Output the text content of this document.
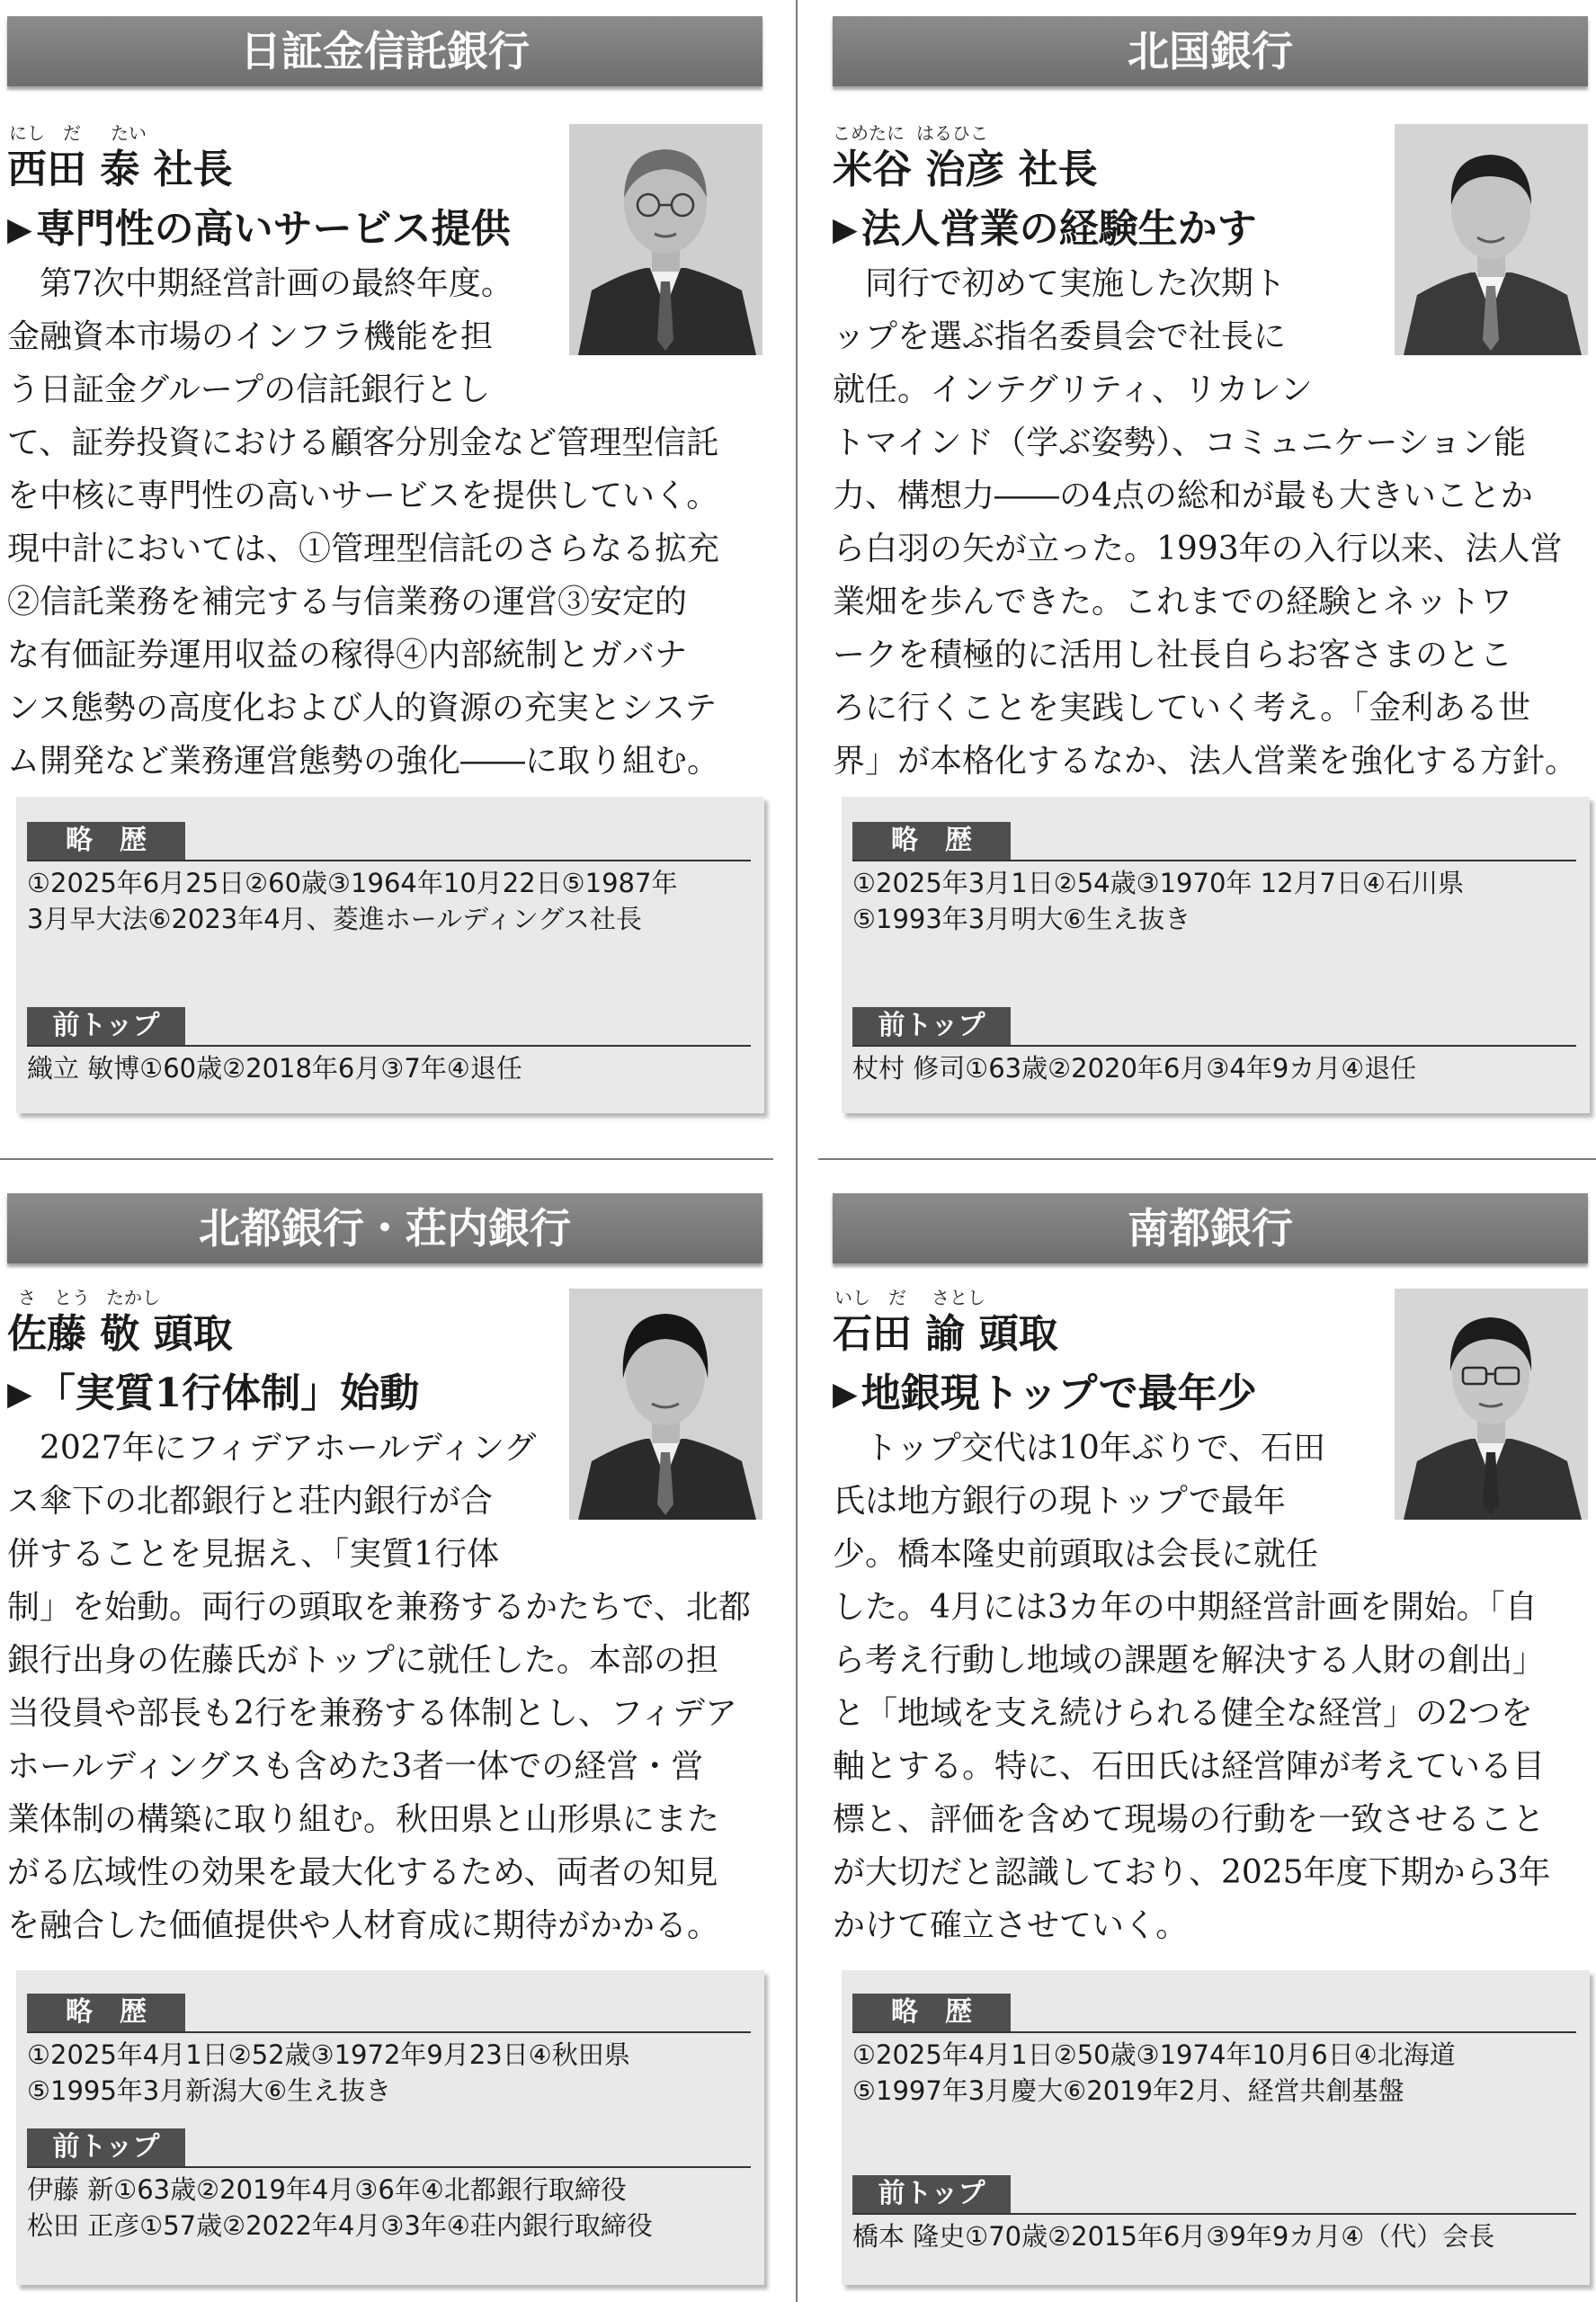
日証金信託銀行
にし だ たい
西田 泰 社長
▶専門性の高いサービス提供

　第7次中期経営計画の最終年度。

金融資本市場のインフラ機能を担

う日証金グループの信託銀行とし

て、証券投資における顧客分別金など管理型信託

を中核に専門性の高いサービスを提供していく。

現中計においては、①管理型信託のさらなる拡充

②信託業務を補完する与信業務の運営③安定的

な有価証券運用収益の稼得④内部統制とガバナ

ンス態勢の高度化および人的資源の充実とシステ

ム開発など業務運営態勢の強化――に取り組む。

略　歴

①2025年6月25日②60歳③1964年10月22日⑤1987年

3月早大法⑥2023年4月、菱進ホールディングス社長

前トップ

織立 敏博①60歳②2018年6月③7年④退任

北国銀行
こめたに はるひこ
米谷 治彦 社長
▶法人営業の経験生かす

　同行で初めて実施した次期ト

ップを選ぶ指名委員会で社長に

就任。インテグリティ、リカレン

トマインド（学ぶ姿勢）、コミュニケーション能

力、構想力――の4点の総和が最も大きいことか

ら白羽の矢が立った。1993年の入行以来、法人営

業畑を歩んできた。これまでの経験とネットワ

ークを積極的に活用し社長自らお客さまのとこ

ろに行くことを実践していく考え。「金利ある世

界」が本格化するなか、法人営業を強化する方針。

略　歴

①2025年3月1日②54歳③1970年 12月7日④石川県

⑤1993年3月明大⑥生え抜き

前トップ

杖村 修司①63歳②2020年6月③4年9カ月④退任

北都銀行・荘内銀行
さ とう たかし
佐藤 敬 頭取
▶「実質1行体制」始動

　2027年にフィデアホールディング

ス傘下の北都銀行と荘内銀行が合

併することを見据え、「実質1行体

制」を始動。両行の頭取を兼務するかたちで、北都

銀行出身の佐藤氏がトップに就任した。本部の担

当役員や部長も2行を兼務する体制とし、フィデア

ホールディングスも含めた3者一体での経営・営

業体制の構築に取り組む。秋田県と山形県にまた

がる広域性の効果を最大化するため、両者の知見

を融合した価値提供や人材育成に期待がかかる。

略　歴

①2025年4月1日②52歳③1972年9月23日④秋田県

⑤1995年3月新潟大⑥生え抜き

前トップ

伊藤 新①63歳②2019年4月③6年④北都銀行取締役

松田 正彦①57歳②2022年4月③3年④荘内銀行取締役

南都銀行
いし だ さとし
石田 諭 頭取
▶地銀現トップで最年少

　トップ交代は10年ぶりで、石田

氏は地方銀行の現トップで最年

少。橋本隆史前頭取は会長に就任

した。4月には3カ年の中期経営計画を開始。「自

ら考え行動し地域の課題を解決する人財の創出」

と「地域を支え続けられる健全な経営」の2つを

軸とする。特に、石田氏は経営陣が考えている目

標と、評価を含めて現場の行動を一致させること

が大切だと認識しており、2025年度下期から3年

かけて確立させていく。

略　歴

①2025年4月1日②50歳③1974年10月6日④北海道

⑤1997年3月慶大⑥2019年2月、経営共創基盤

前トップ

橋本 隆史①70歳②2015年6月③9年9カ月④（代）会長
